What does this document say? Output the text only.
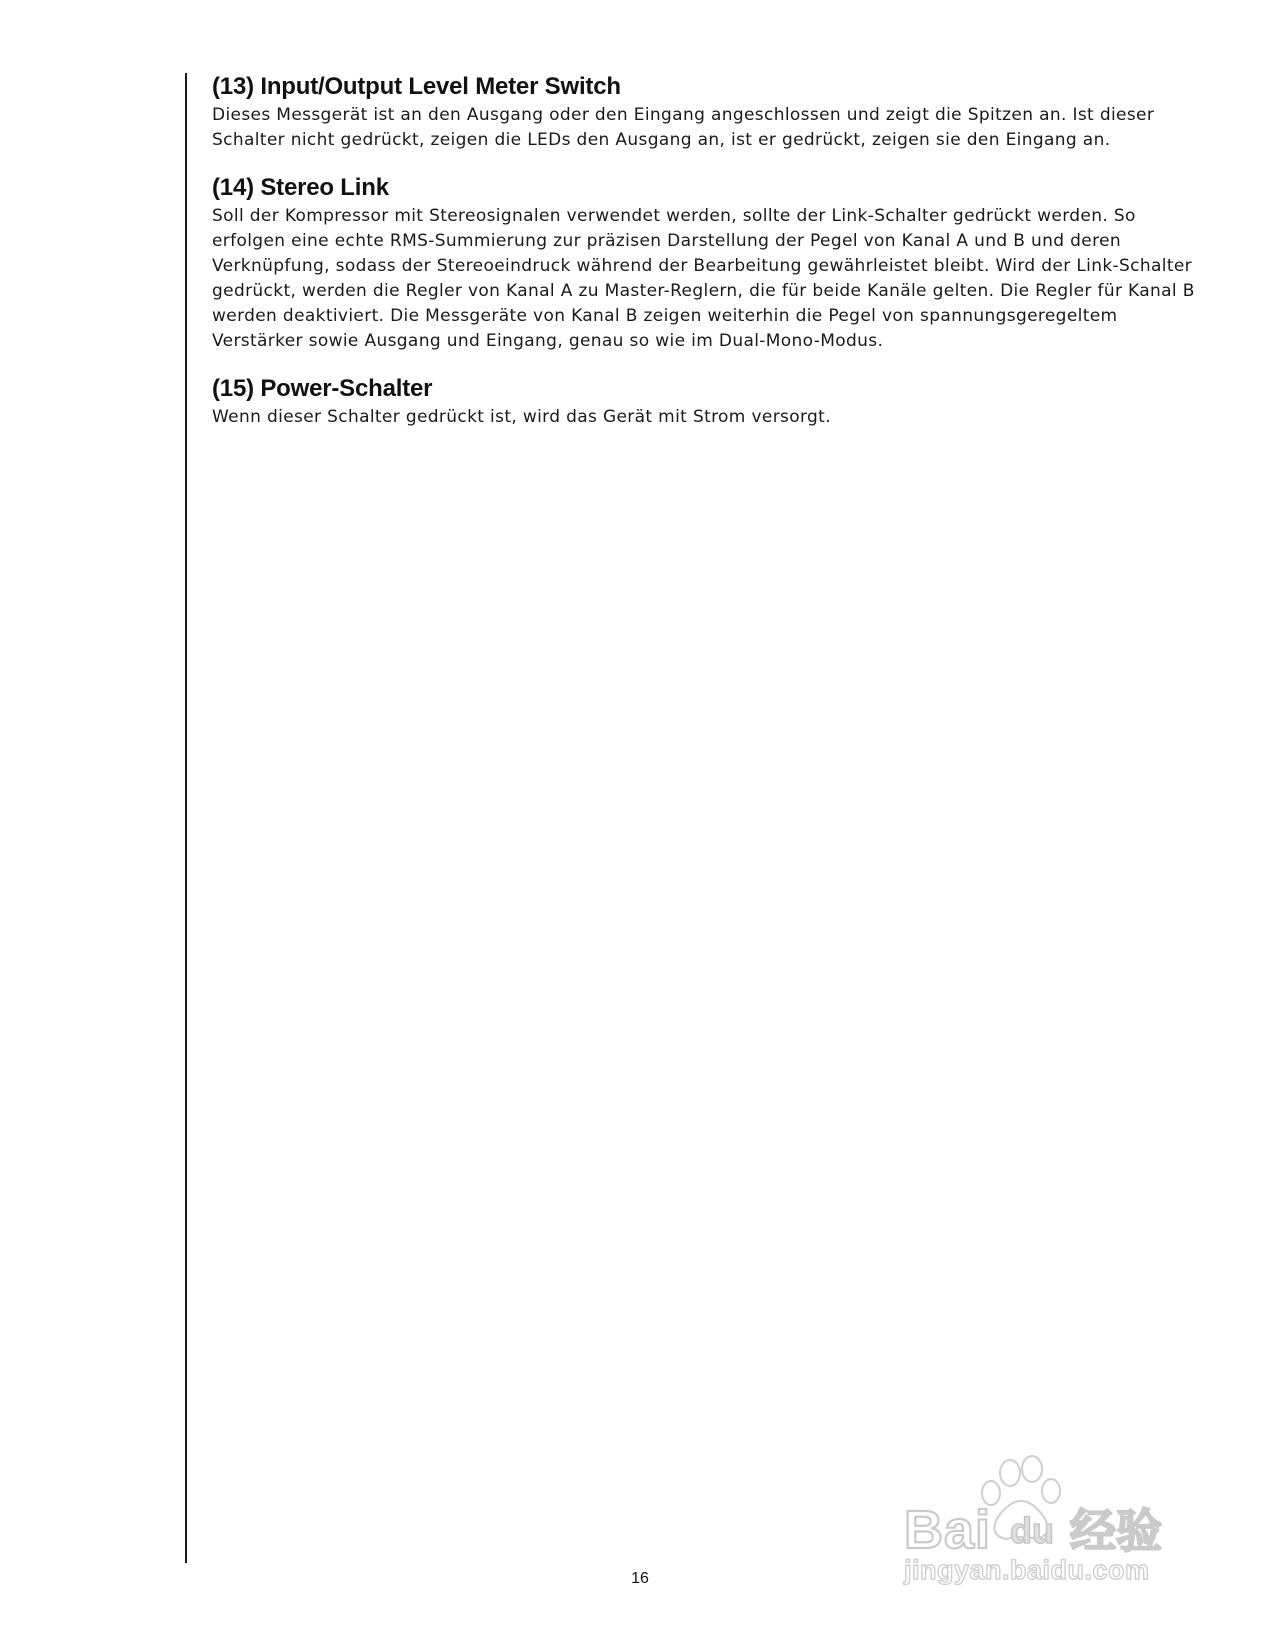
(13) Input/Output Level Meter Switch

Dieses Messgerät ist an den Ausgang oder den Eingang angeschlossen und zeigt die Spitzen an. Ist dieser Schalter nicht gedrückt, zeigen die LEDs den Ausgang an, ist er gedrückt, zeigen sie den Eingang an.

(14) Stereo Link

Soll der Kompressor mit Stereosignalen verwendet werden, sollte der Link-Schalter gedrückt werden. So erfolgen eine echte RMS-Summierung zur präzisen Darstellung der Pegel von Kanal A und B und deren Verknüpfung, sodass der Stereoeindruck während der Bearbeitung gewährleistet bleibt. Wird der Link-Schalter gedrückt, werden die Regler von Kanal A zu Master-Reglern, die für beide Kanäle gelten. Die Regler für Kanal B werden deaktiviert. Die Messgeräte von Kanal B zeigen weiterhin die Pegel von spannungsgeregeltem Verstärker sowie Ausgang und Eingang, genau so wie im Dual-Mono-Modus.

(15) Power-Schalter

Wenn dieser Schalter gedrückt ist, wird das Gerät mit Strom versorgt.

16
Bai du 经验
jingyan.baidu.com
